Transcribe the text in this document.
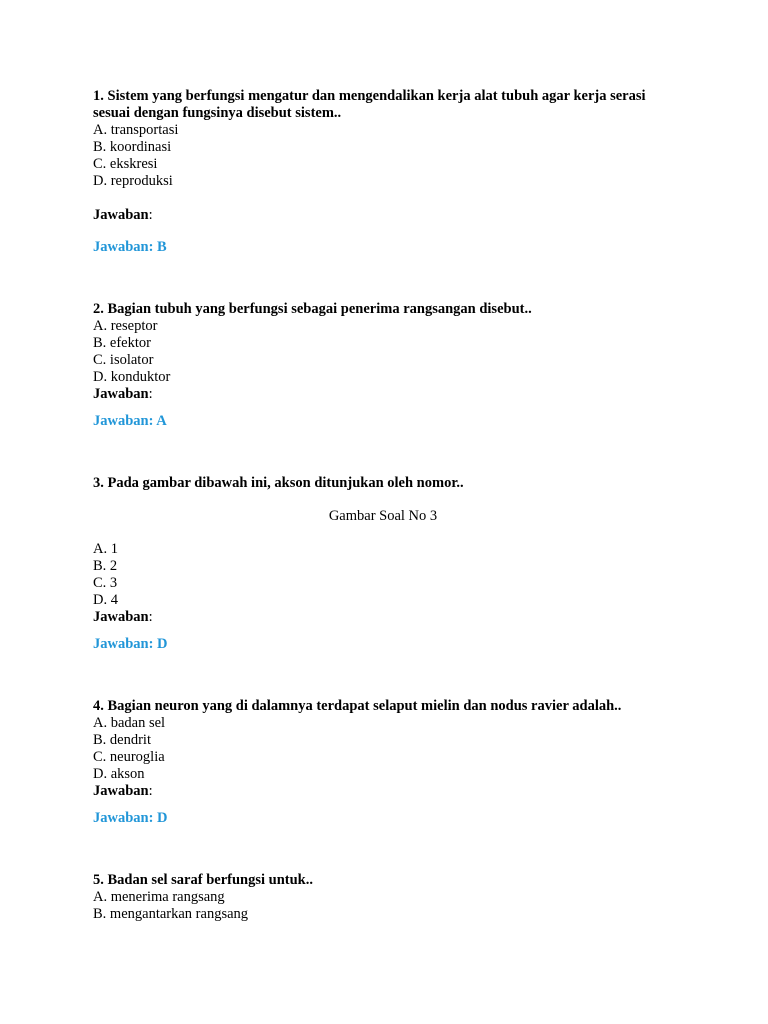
1. Sistem yang berfungsi mengatur dan mengendalikan kerja alat tubuh agar kerja serasi sesuai dengan fungsinya disebut sistem..

A. transportasi
B. koordinasi
C. ekskresi
D. reproduksi

Jawaban:

Jawaban: B

2. Bagian tubuh yang berfungsi sebagai penerima rangsangan disebut..

A. reseptor
B. efektor
C. isolator
D. konduktor

Jawaban:

Jawaban: A

3. Pada gambar dibawah ini, akson ditunjukan oleh nomor..

Gambar Soal No 3

A. 1
B. 2
C. 3
D. 4

Jawaban:

Jawaban: D

4. Bagian neuron yang di dalamnya terdapat selaput mielin dan nodus ravier adalah..

A. badan sel
B. dendrit
C. neuroglia
D. akson

Jawaban:

Jawaban: D

5. Badan sel saraf berfungsi untuk..

A. menerima rangsang
B. mengantarkan rangsang
